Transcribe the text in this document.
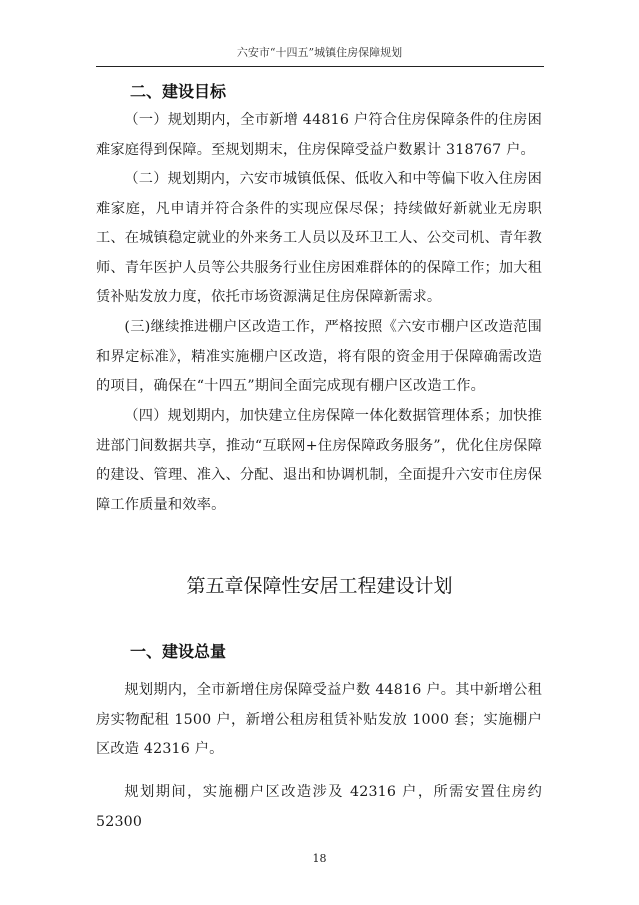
六安市“十四五”城镇住房保障规划
二、建设目标

（一）规划期内，全市新增 44816 户符合住房保障条件的住房困难家庭得到保障。至规划期末，住房保障受益户数累计 318767 户。

（二）规划期内，六安市城镇低保、低收入和中等偏下收入住房困难家庭，凡申请并符合条件的实现应保尽保；持续做好新就业无房职工、在城镇稳定就业的外来务工人员以及环卫工人、公交司机、青年教师、青年医护人员等公共服务行业住房困难群体的的保障工作；加大租赁补贴发放力度，依托市场资源满足住房保障新需求。

(三)继续推进棚户区改造工作，严格按照《六安市棚户区改造范围和界定标准》，精准实施棚户区改造，将有限的资金用于保障确需改造的项目，确保在“十四五”期间全面完成现有棚户区改造工作。

（四）规划期内，加快建立住房保障一体化数据管理体系；加快推进部门间数据共享，推动“互联网+住房保障政务服务”，优化住房保障的建设、管理、准入、分配、退出和协调机制，全面提升六安市住房保障工作质量和效率。

第五章保障性安居工程建设计划
一、建设总量

规划期内，全市新增住房保障受益户数 44816 户。其中新增公租房实物配租 1500 户，新增公租房租赁补贴发放 1000 套；实施棚户区改造 42316 户。

规划期间，实施棚户区改造涉及 42316 户，所需安置住房约 52300

18
